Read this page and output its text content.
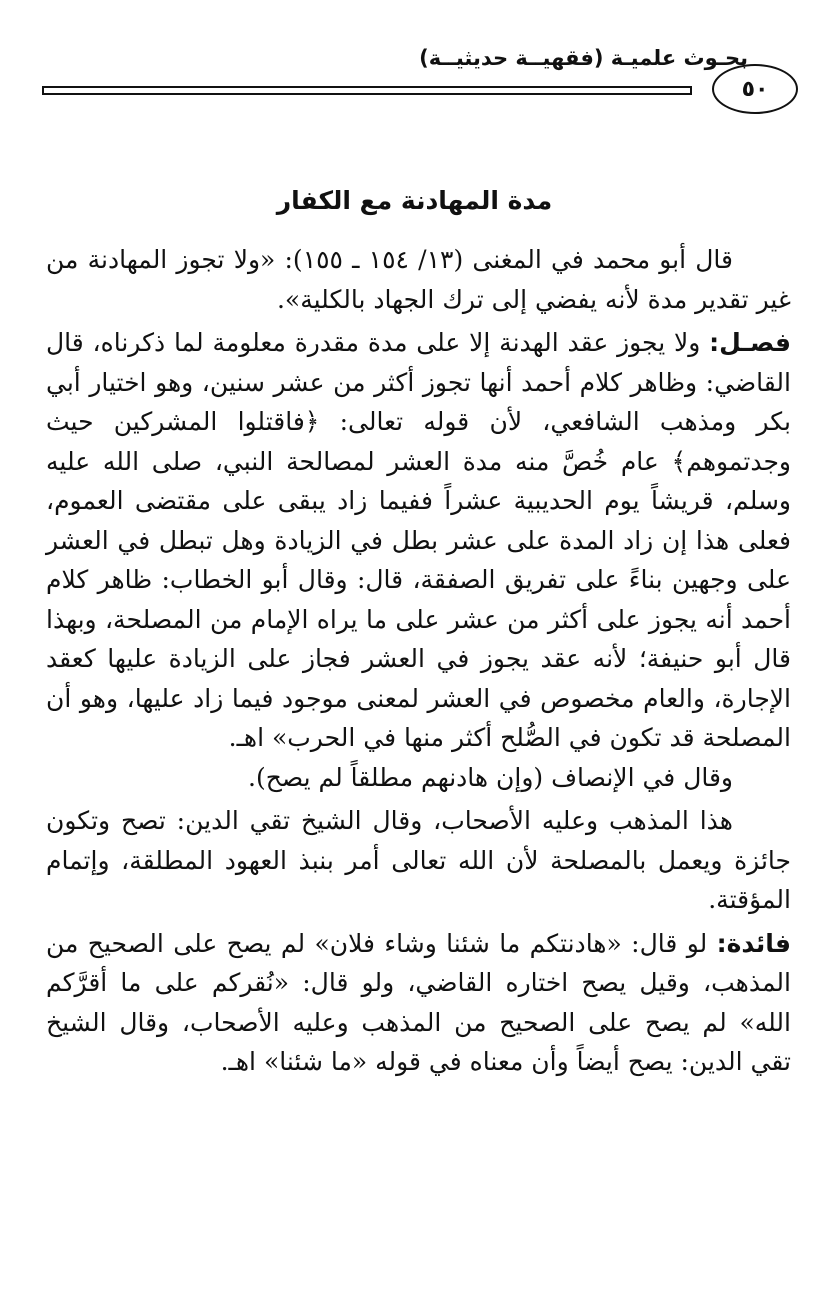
بحـوث علميـة (فقهيــة حديثيــة)
٥٠
مدة المهادنة مع الكفار

قال أبو محمد في المغنى (١٣/ ١٥٤ ـ ١٥٥): «ولا تجوز المهادنة من غير تقدير مدة لأنه يفضي إلى ترك الجهاد بالكلية».

فصـل: ولا يجوز عقد الهدنة إلا على مدة مقدرة معلومة لما ذكرناه، قال القاضي: وظاهر كلام أحمد أنها تجوز أكثر من عشر سنين، وهو اختيار أبي بكر ومذهب الشافعي، لأن قوله تعالى: ﴿فاقتلوا المشركين حيث وجدتموهم﴾ عام خُصَّ منه مدة العشر لمصالحة النبي، صلى الله عليه وسلم، قريشاً يوم الحديبية عشراً ففيما زاد يبقى على مقتضى العموم، فعلى هذا إن زاد المدة على عشر بطل في الزيادة وهل تبطل في العشر على وجهين بناءً على تفريق الصفقة، قال: وقال أبو الخطاب: ظاهر كلام أحمد أنه يجوز على أكثر من عشر على ما يراه الإمام من المصلحة، وبهذا قال أبو حنيفة؛ لأنه عقد يجوز في العشر فجاز على الزيادة عليها كعقد الإجارة، والعام مخصوص في العشر لمعنى موجود فيما زاد عليها، وهو أن المصلحة قد تكون في الصُّلح أكثر منها في الحرب» اهـ.

وقال في الإنصاف (وإن هادنهم مطلقاً لم يصح).

هذا المذهب وعليه الأصحاب، وقال الشيخ تقي الدين: تصح وتكون جائزة ويعمل بالمصلحة لأن الله تعالى أمر بنبذ العهود المطلقة، وإتمام المؤقتة.

فائدة: لو قال: «هادنتكم ما شئنا وشاء فلان» لم يصح على الصحيح من المذهب، وقيل يصح اختاره القاضي، ولو قال: «نُقركم على ما أقرَّكم الله» لم يصح على الصحيح من المذهب وعليه الأصحاب، وقال الشيخ تقي الدين: يصح أيضاً وأن معناه في قوله «ما شئنا» اهـ.
